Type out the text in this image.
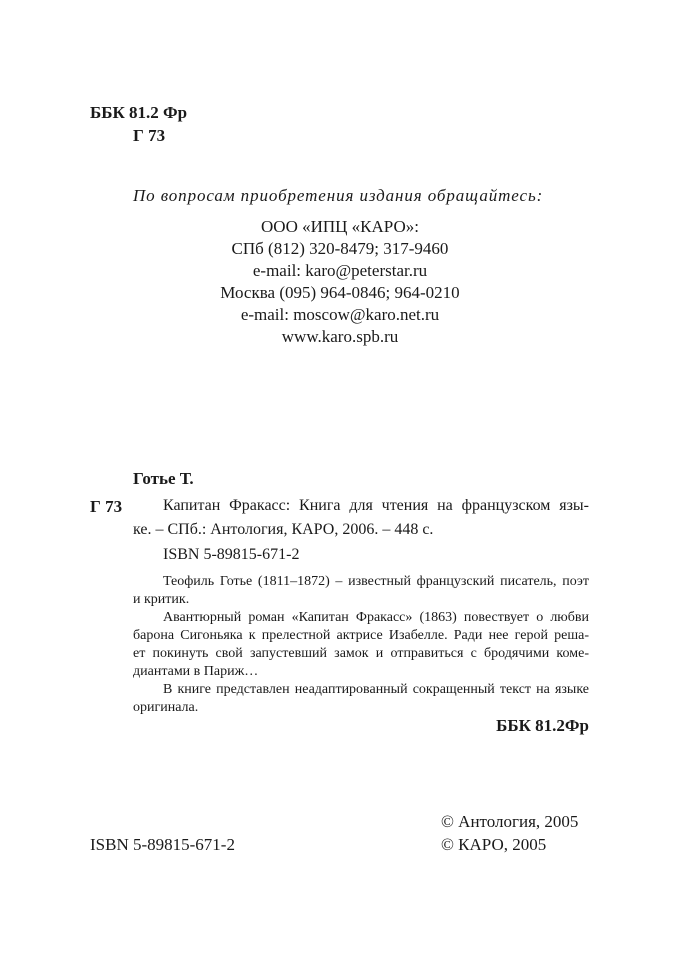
ББК 81.2 Фр
Г 73
По вопросам приобретения издания обращайтесь:
ООО «ИПЦ «КАРО»:
СПб (812) 320-8479; 317-9460
e-mail: karo@peterstar.ru
Москва (095) 964-0846; 964-0210
e-mail: moscow@karo.net.ru
www.karo.spb.ru
Готье Т.
Г 73	Капитан Фракасс: Книга для чтения на французском язы-
ке. – СПб.: Антология, КАРО, 2006. – 448 с.
ISBN 5-89815-671-2
Теофиль Готье (1811–1872) – известный французский писатель, поэт
и критик.
Авантюрный роман «Капитан Фракасс» (1863) повествует о любви
барона Сигоньяка к прелестной актрисе Изабелле. Ради нее герой реша-
ет покинуть свой запустевший замок и отправиться с бродячими коме-
диантами в Париж…
В книге представлен неадаптированный сокращенный текст на языке
оригинала.
ББК 81.2Фр
ISBN 5-89815-671-2
© Антология, 2005
© КАРО, 2005
